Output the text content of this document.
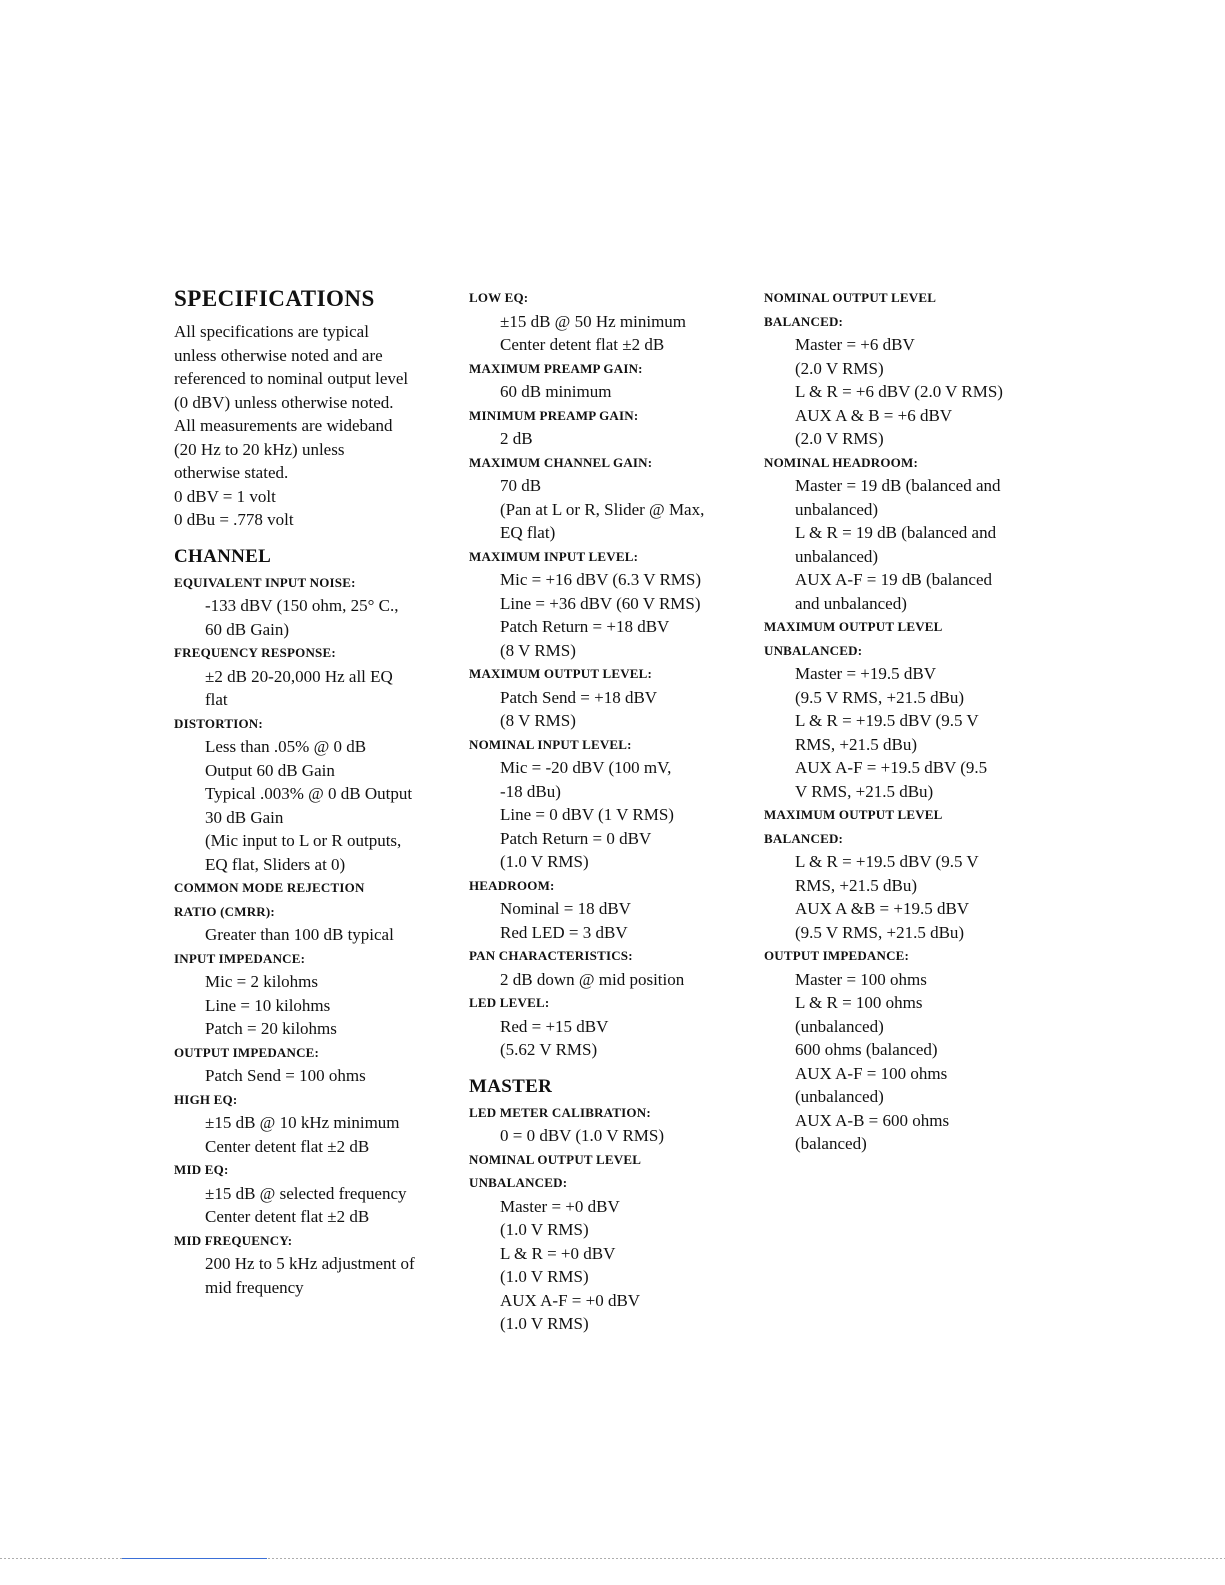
SPECIFICATIONS
All specifications are typical
unless otherwise noted and are
referenced to nominal output level
(0 dBV) unless otherwise noted.
All measurements are wideband
(20 Hz to 20 kHz) unless
otherwise stated.
0 dBV = 1 volt
0 dBu = .778 volt
CHANNEL
EQUIVALENT INPUT NOISE:
-133 dBV (150 ohm, 25° C.,
60 dB Gain)
FREQUENCY RESPONSE:
±2 dB 20-20,000 Hz all EQ
flat
DISTORTION:
Less than .05% @ 0 dB
Output 60 dB Gain
Typical .003% @ 0 dB Output
30 dB Gain
(Mic input to L or R outputs,
EQ flat, Sliders at 0)
COMMON MODE REJECTION
RATIO (CMRR):
Greater than 100 dB typical
INPUT IMPEDANCE:
Mic = 2 kilohms
Line = 10 kilohms
Patch = 20 kilohms
OUTPUT IMPEDANCE:
Patch Send = 100 ohms
HIGH EQ:
±15 dB @ 10 kHz minimum
Center detent flat ±2 dB
MID EQ:
±15 dB @ selected frequency
Center detent flat ±2 dB
MID FREQUENCY:
200 Hz to 5 kHz adjustment of
mid frequency
LOW EQ:
±15 dB @ 50 Hz minimum
Center detent flat ±2 dB
MAXIMUM PREAMP GAIN:
60 dB minimum
MINIMUM PREAMP GAIN:
2 dB
MAXIMUM CHANNEL GAIN:
70 dB
(Pan at L or R, Slider @ Max,
EQ flat)
MAXIMUM INPUT LEVEL:
Mic = +16 dBV (6.3 V RMS)
Line = +36 dBV (60 V RMS)
Patch Return = +18 dBV
(8 V RMS)
MAXIMUM OUTPUT LEVEL:
Patch Send = +18 dBV
(8 V RMS)
NOMINAL INPUT LEVEL:
Mic = -20 dBV (100 mV,
-18 dBu)
Line = 0 dBV (1 V RMS)
Patch Return = 0 dBV
(1.0 V RMS)
HEADROOM:
Nominal = 18 dBV
Red LED = 3 dBV
PAN CHARACTERISTICS:
2 dB down @ mid position
LED LEVEL:
Red = +15 dBV
(5.62 V RMS)
MASTER
LED METER CALIBRATION:
0 = 0 dBV (1.0 V RMS)
NOMINAL OUTPUT LEVEL
UNBALANCED:
Master = +0 dBV
(1.0 V RMS)
L & R = +0 dBV
(1.0 V RMS)
AUX A-F = +0 dBV
(1.0 V RMS)
NOMINAL OUTPUT LEVEL
BALANCED:
Master = +6 dBV
(2.0 V RMS)
L & R = +6 dBV (2.0 V RMS)
AUX A & B = +6 dBV
(2.0 V RMS)
NOMINAL HEADROOM:
Master = 19 dB (balanced and
unbalanced)
L & R = 19 dB (balanced and
unbalanced)
AUX A-F = 19 dB (balanced
and unbalanced)
MAXIMUM OUTPUT LEVEL
UNBALANCED:
Master = +19.5 dBV
(9.5 V RMS, +21.5 dBu)
L & R = +19.5 dBV (9.5 V
RMS, +21.5 dBu)
AUX A-F = +19.5 dBV (9.5
V RMS, +21.5 dBu)
MAXIMUM OUTPUT LEVEL
BALANCED:
L & R = +19.5 dBV (9.5 V
RMS, +21.5 dBu)
AUX A &B = +19.5 dBV
(9.5 V RMS, +21.5 dBu)
OUTPUT IMPEDANCE:
Master = 100 ohms
L & R = 100 ohms
(unbalanced)
600 ohms (balanced)
AUX A-F = 100 ohms
(unbalanced)
AUX A-B = 600 ohms
(balanced)
